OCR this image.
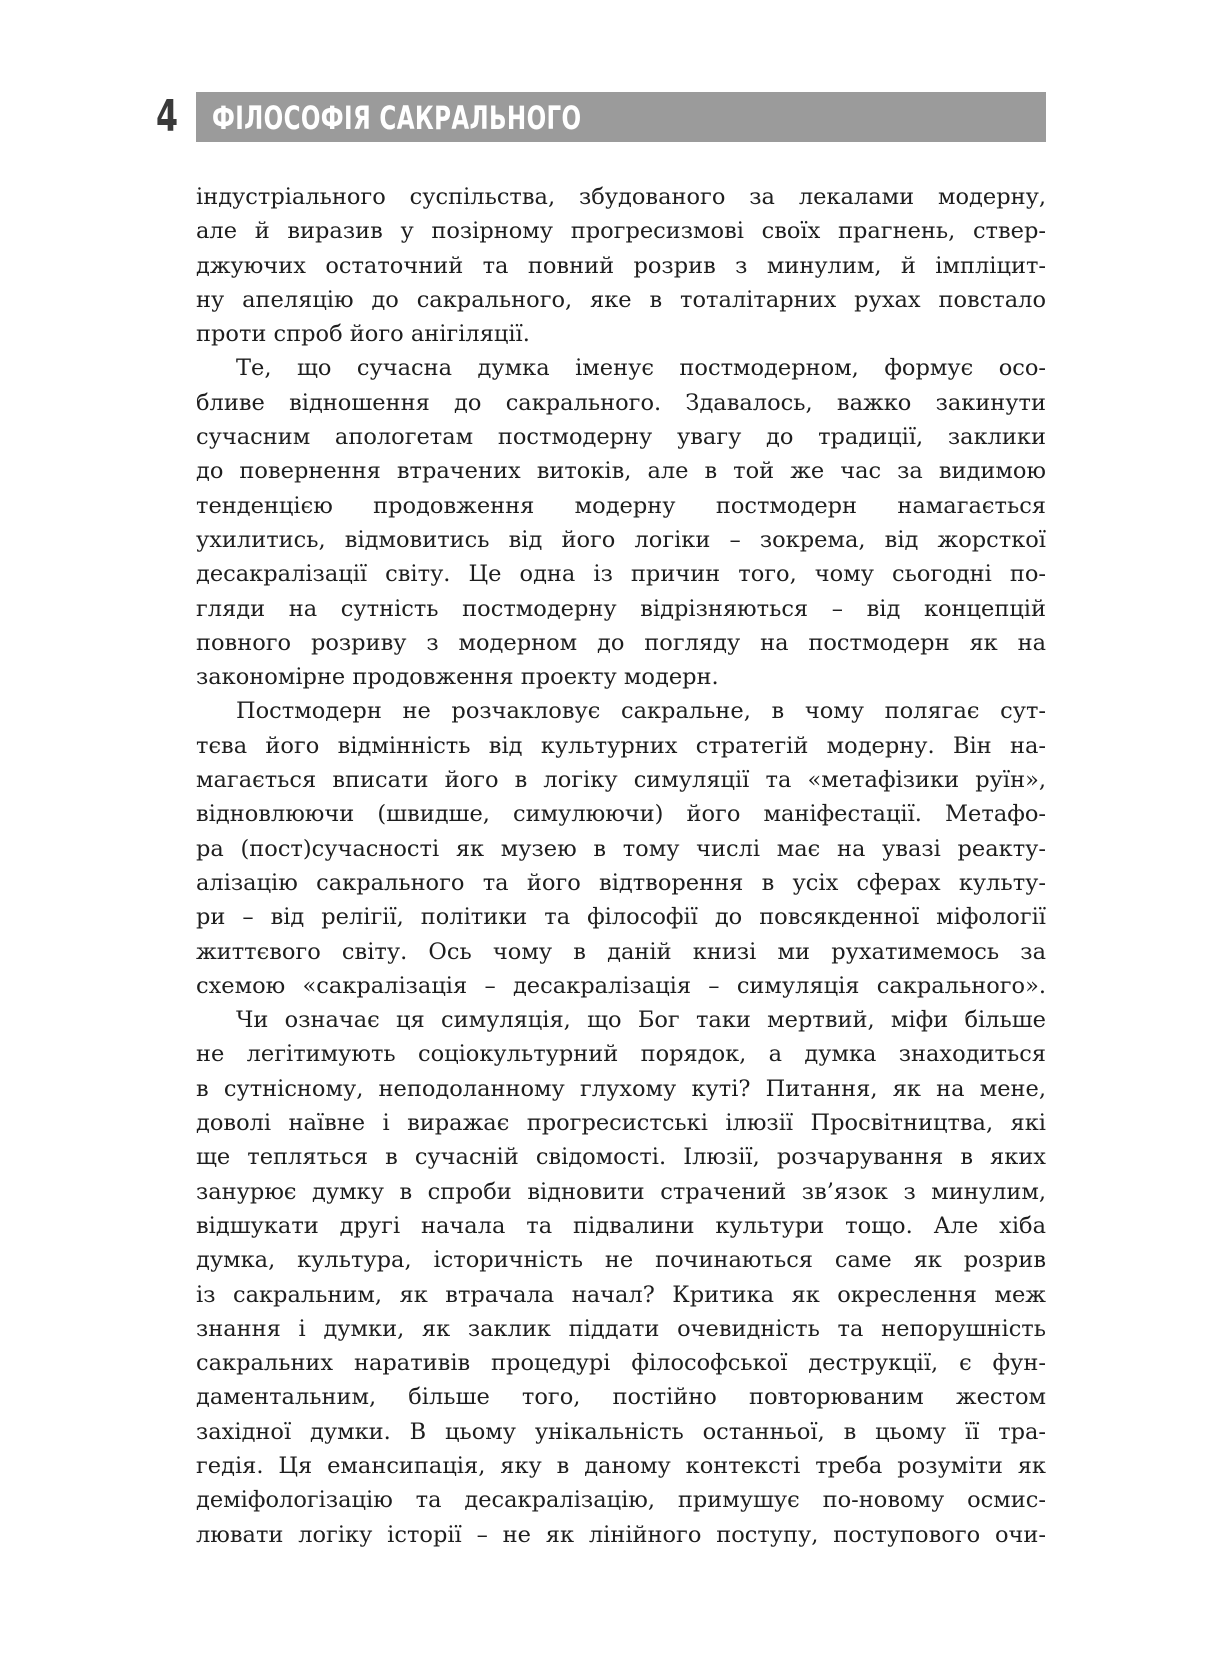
4 ФІЛОСОФІЯ САКРАЛЬНОГО
індустріального суспільства, збудованого за лекалами модерну,
але й виразив у позірному прогресизмові своїх прагнень, ствер-
джуючих остаточний та повний розрив з минулим, й імпліцит-
ну апеляцію до сакрального, яке в тоталітарних рухах повстало
проти спроб його анігіляції.
Те, що сучасна думка іменує постмодерном, формує осо-
бливе відношення до сакрального. Здавалось, важко закинути
сучасним апологетам постмодерну увагу до традиції, заклики
до повернення втрачених витоків, але в той же час за видимою
тенденцією продовження модерну постмодерн намагається
ухилитись, відмовитись від його логіки – зокрема, від жорсткої
десакралізації світу. Це одна із причин того, чому сьогодні по-
гляди на сутність постмодерну відрізняються – від концепцій
повного розриву з модерном до погляду на постмодерн як на
закономірне продовження проекту модерн.
Постмодерн не розчакловує сакральне, в чому полягає сут-
тєва його відмінність від культурних стратегій модерну. Він на-
магається вписати його в логіку симуляції та «метафізики руїн»,
відновлюючи (швидше, симулюючи) його маніфестації. Метафо-
ра (пост)сучасності як музею в тому числі має на увазі реакту-
алізацію сакрального та його відтворення в усіх сферах культу-
ри – від релігії, політики та філософії до повсякденної міфології
життєвого світу. Ось чому в даній книзі ми рухатимемось за
схемою «сакралізація – десакралізація – симуляція сакрального».
Чи означає ця симуляція, що Бог таки мертвий, міфи більше
не легітимують соціокультурний порядок, а думка знаходиться
в сутнісному, неподоланному глухому куті? Питання, як на мене,
доволі наївне і виражає прогресистські ілюзії Просвітництва, які
ще тепляться в сучасній свідомості. Ілюзії, розчарування в яких
занурює думку в спроби відновити страчений зв’язок з минулим,
відшукати другі начала та підвалини культури тощо. Але хіба
думка, культура, історичність не починаються саме як розрив
із сакральним, як втрачала начал? Критика як окреслення меж
знання і думки, як заклик піддати очевидність та непорушність
сакральних наративів процедурі філософської деструкції, є фун-
даментальним, більше того, постійно повторюваним жестом
західної думки. В цьому унікальність останньої, в цьому її тра-
гедія. Ця емансипація, яку в даному контексті треба розуміти як
деміфологізацію та десакралізацію, примушує по-новому осмис-
лювати логіку історії – не як лінійного поступу, поступового очи-
